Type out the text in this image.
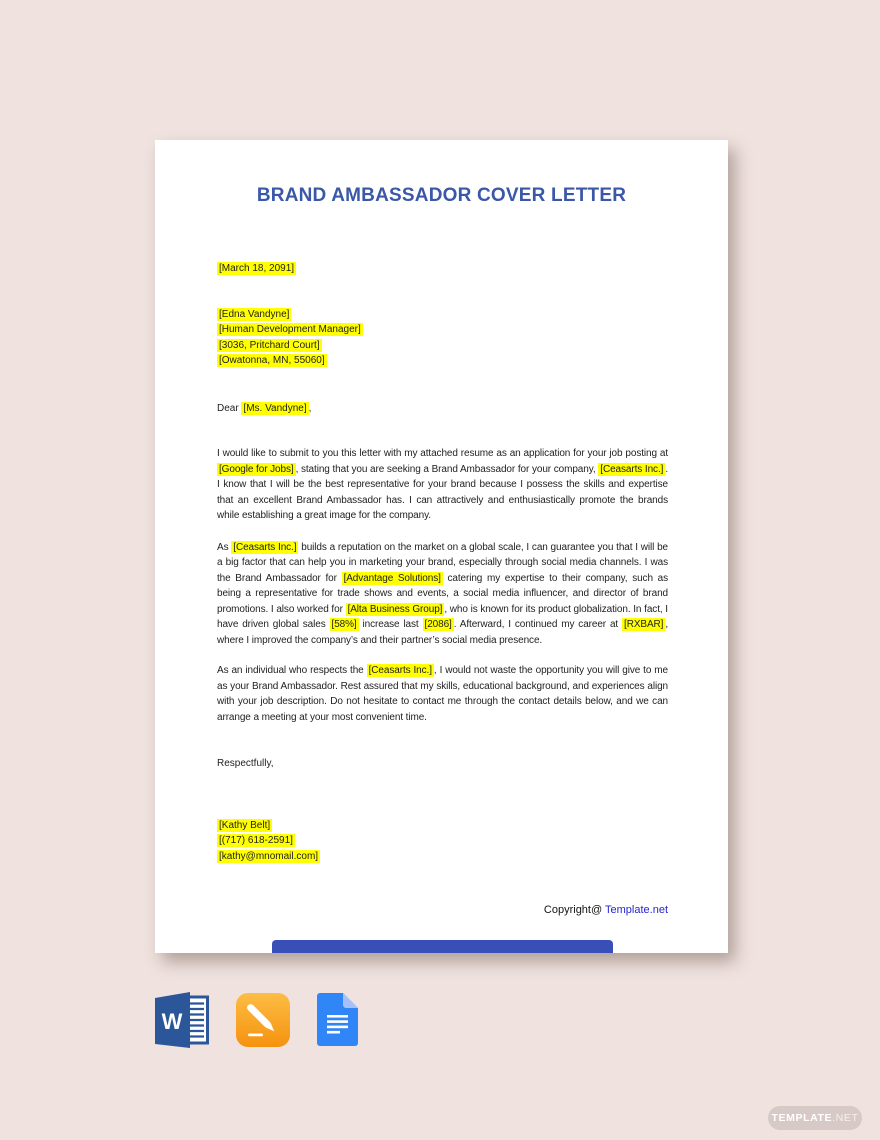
BRAND AMBASSADOR COVER LETTER
[March 18, 2091]
[Edna Vandyne]
[Human Development Manager]
[3036, Pritchard Court]
[Owatonna, MN, 55060]

Dear [Ms. Vandyne] ,

I would like to submit to you this letter with my attached resume as an application for your job posting at [Google for Jobs] , stating that you are seeking a Brand Ambassador for your company, [Ceasarts Inc.] . I know that I will be the best representative for your brand because I possess the skills and expertise that an excellent Brand Ambassador has. I can attractively and enthusiastically promote the brands while establishing a great image for the company.

As [Ceasarts Inc.] builds a reputation on the market on a global scale, I can guarantee you that I will be a big factor that can help you in marketing your brand, especially through social media channels. I was the Brand Ambassador for [Advantage Solutions] catering my expertise to their company, such as being a representative for trade shows and events, a social media influencer, and director of brand promotions. I also worked for [Alta Business Group] , who is known for its product globalization. In fact, I have driven global sales [58%] increase last [2086] . Afterward, I continued my career at [RXBAR] , where I improved the company’s and their partner’s social media presence.

As an individual who respects the [Ceasarts Inc.] , I would not waste the opportunity you will give to me as your Brand Ambassador. Rest assured that my skills, educational background, and experiences align with your job description. Do not hesitate to contact me through the contact details below, and we can arrange a meeting at your most convenient time.

Respectfully,

[Kathy Belt]
[(717) 618-2591]
[kathy@mnomail.com]
Copyright@ Template.net
W
TEMPLATE .NET
